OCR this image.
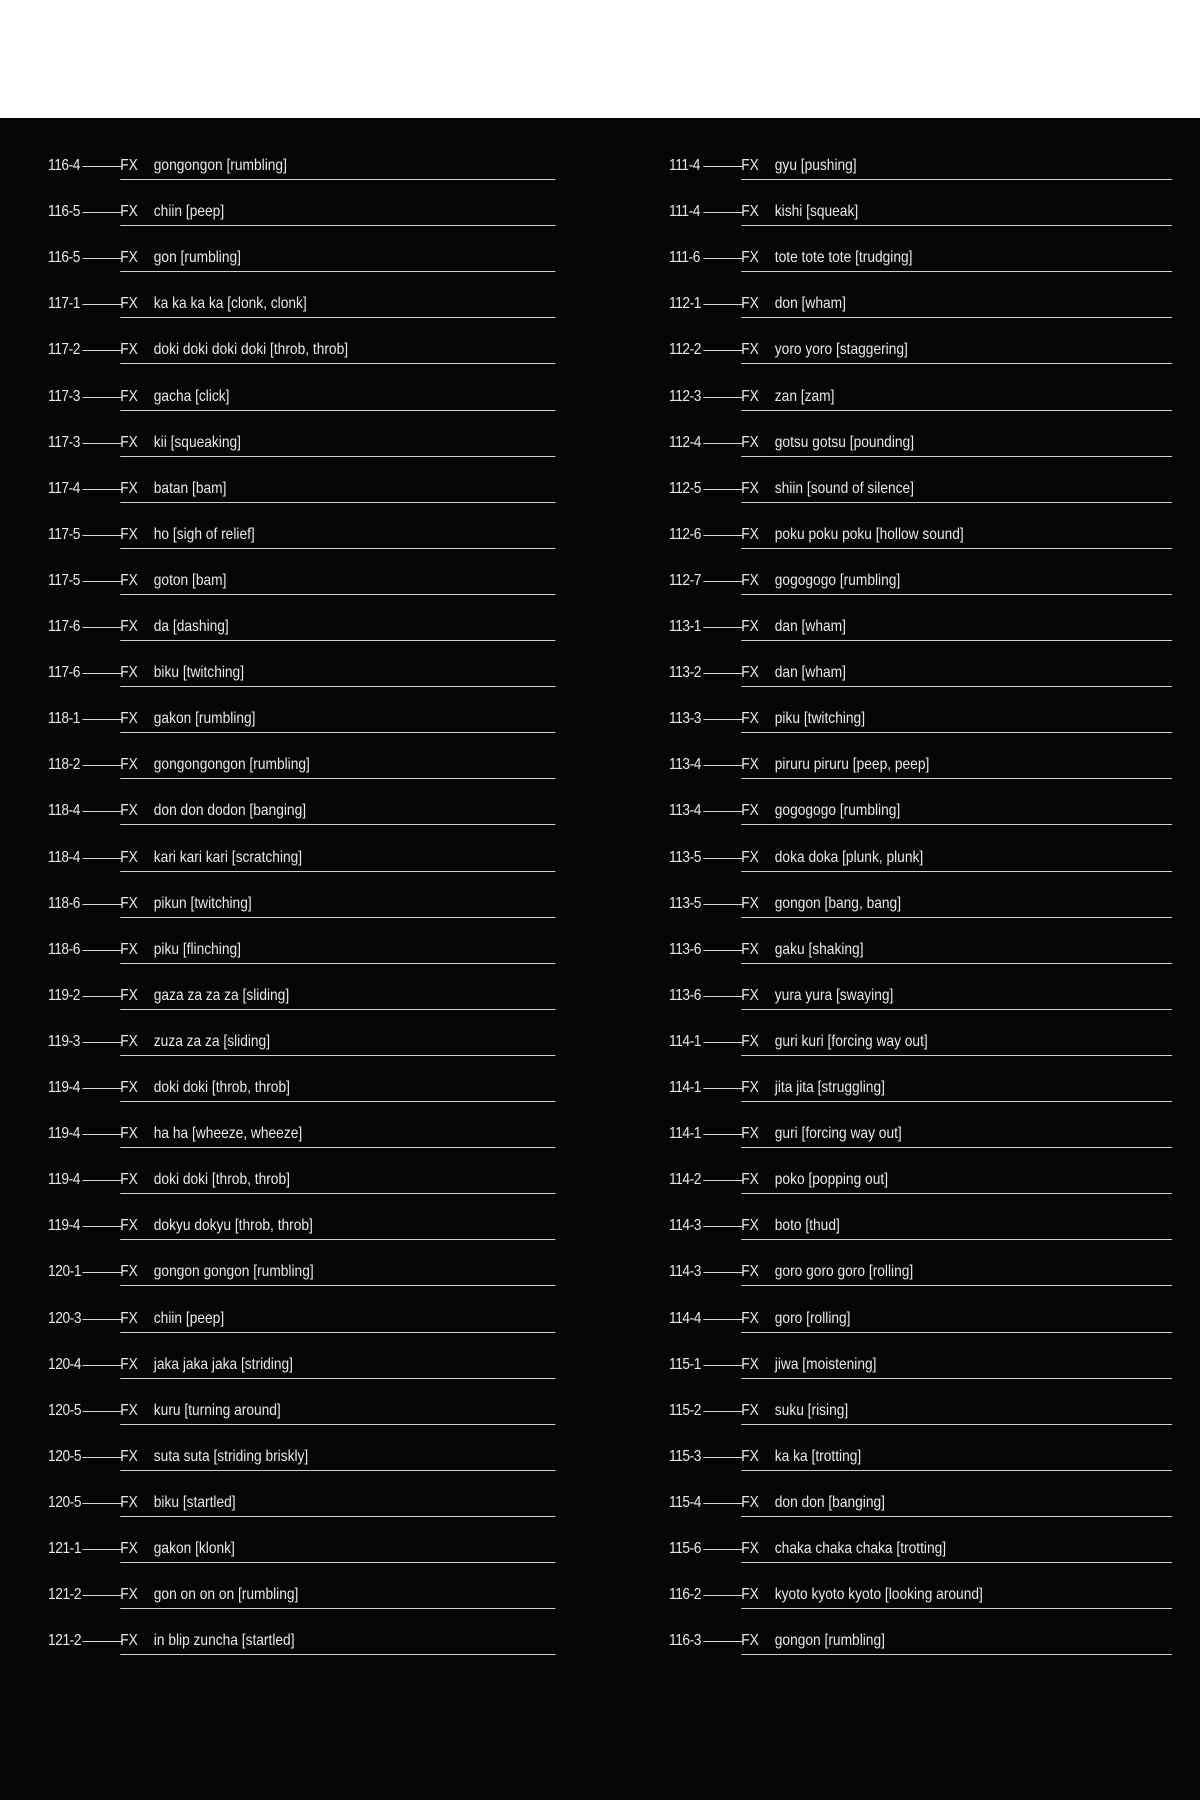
116-4	FX gongongon [rumbling]
116-5	FX chiin [peep]
116-5	FX gon [rumbling]
117-1	FX ka ka ka ka [clonk, clonk]
117-2	FX doki doki doki doki [throb, throb]
117-3	FX gacha [click]
117-3	FX kii [squeaking]
117-4	FX batan [bam]
117-5	FX ho [sigh of relief]
117-5	FX goton [bam]
117-6	FX da [dashing]
117-6	FX biku [twitching]
118-1	FX gakon [rumbling]
118-2	FX gongongongon [rumbling]
118-4	FX don don dodon [banging]
118-4	FX kari kari kari [scratching]
118-6	FX pikun [twitching]
118-6	FX piku [flinching]
119-2	FX gaza za za za [sliding]
119-3	FX zuza za za [sliding]
119-4	FX doki doki [throb, throb]
119-4	FX ha ha [wheeze, wheeze]
119-4	FX doki doki [throb, throb]
119-4	FX dokyu dokyu [throb, throb]
120-1 FX gongon gongon [rumbling]
120-3 FX chiin [peep]
120-4 FX jaka jaka jaka [striding]
120-5 FX kuru [turning around]
120-5 FX suta suta [striding briskly]
120-5 FX biku [startled]
121-1 FX gakon [klonk]
121-2 FX gon on on on [rumbling]
121-2 FX in blip zuncha [startled]
111-4	FX gyu [pushing]
111-4	FX kishi [squeak]
111-6	FX tote tote tote [trudging]
112-1	FX don [wham]
112-2	FX yoro yoro [staggering]
112-3	FX zan [zam]
112-4	FX gotsu gotsu [pounding]
112-5	FX shiin [sound of silence]
112-6	FX poku poku poku [hollow sound]
112-7	FX gogogogo [rumbling]
113-1	FX dan [wham]
113-2	FX dan [wham]
113-3	FX piku [twitching]
113-4	FX piruru piruru [peep, peep]
113-4	FX gogogogo [rumbling]
113-5	FX doka doka [plunk, plunk]
113-5	FX gongon [bang, bang]
113-6	FX gaku [shaking]
113-6	FX yura yura [swaying]
114-1	FX guri kuri [forcing way out]
114-1	FX jita jita [struggling]
114-1	FX guri [forcing way out]
114-2	FX poko [popping out]
114-3	FX boto [thud]
114-3	FX goro goro goro [rolling]
114-4	FX goro [rolling]
115-1	FX jiwa [moistening]
115-2	FX suku [rising]
115-3	FX ka ka [trotting]
115-4	FX don don [banging]
115-6	FX chaka chaka chaka [trotting]
116-2	FX kyoto kyoto kyoto [looking around]
116-3	FX gongon [rumbling]
